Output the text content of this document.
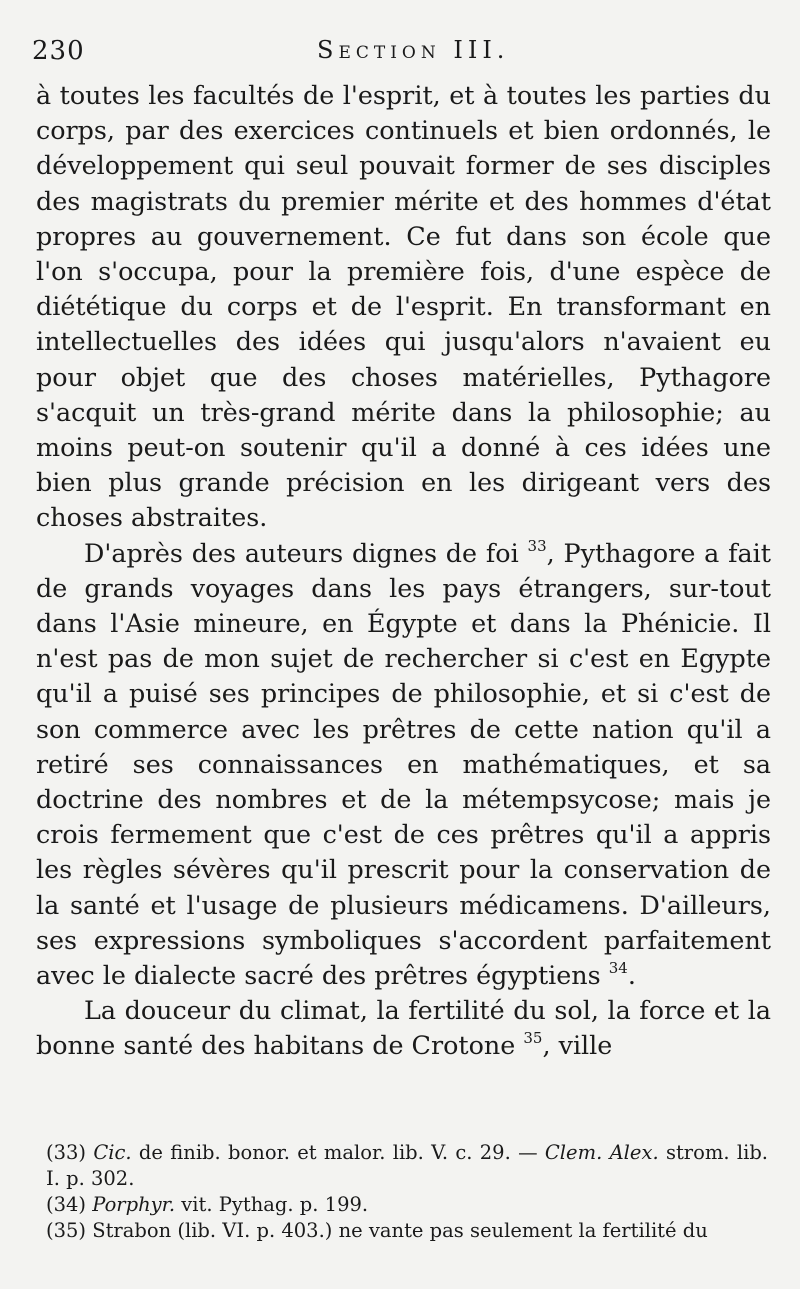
230	Section III.

à toutes les facultés de l'esprit, et à toutes les parties du corps, par des exercices continuels et bien ordonnés, le développement qui seul pouvait former de ses disciples des magistrats du premier mérite et des hommes d'état propres au gouvernement. Ce fut dans son école que l'on s'occupa, pour la première fois, d'une espèce de diététique du corps et de l'esprit. En transformant en intellectuelles des idées qui jusqu'alors n'avaient eu pour objet que des choses matérielles, Pythagore s'acquit un très-grand mérite dans la philosophie; au moins peut-on soutenir qu'il a donné à ces idées une bien plus grande précision en les dirigeant vers des choses abstraites.

D'après des auteurs dignes de foi $^{33}$, Pythagore a fait de grands voyages dans les pays étrangers, sur-tout dans l'Asie mineure, en Égypte et dans la Phénicie. Il n'est pas de mon sujet de rechercher si c'est en Egypte qu'il a puisé ses principes de philosophie, et si c'est de son commerce avec les prêtres de cette nation qu'il a retiré ses connaissances en mathématiques, et sa doctrine des nombres et de la métempsycose; mais je crois fermement que c'est de ces prêtres qu'il a appris les règles sévères qu'il prescrit pour la conservation de la santé et l'usage de plusieurs médicamens. D'ailleurs, ses expressions symboliques s'accordent parfaitement avec le dialecte sacré des prêtres égyptiens $^{34}$.

La douceur du climat, la fertilité du sol, la force et la bonne santé des habitans de Crotone $^{35}$, ville

(33) Cic. de finib. bonor. et malor. lib. V. c. 29. — Clem. Alex. strom. lib. I. p. 302.

(34) Porphyr. vit. Pythag. p. 199.

(35) Strabon (lib. VI. p. 403.) ne vante pas seulement la fertilité du
